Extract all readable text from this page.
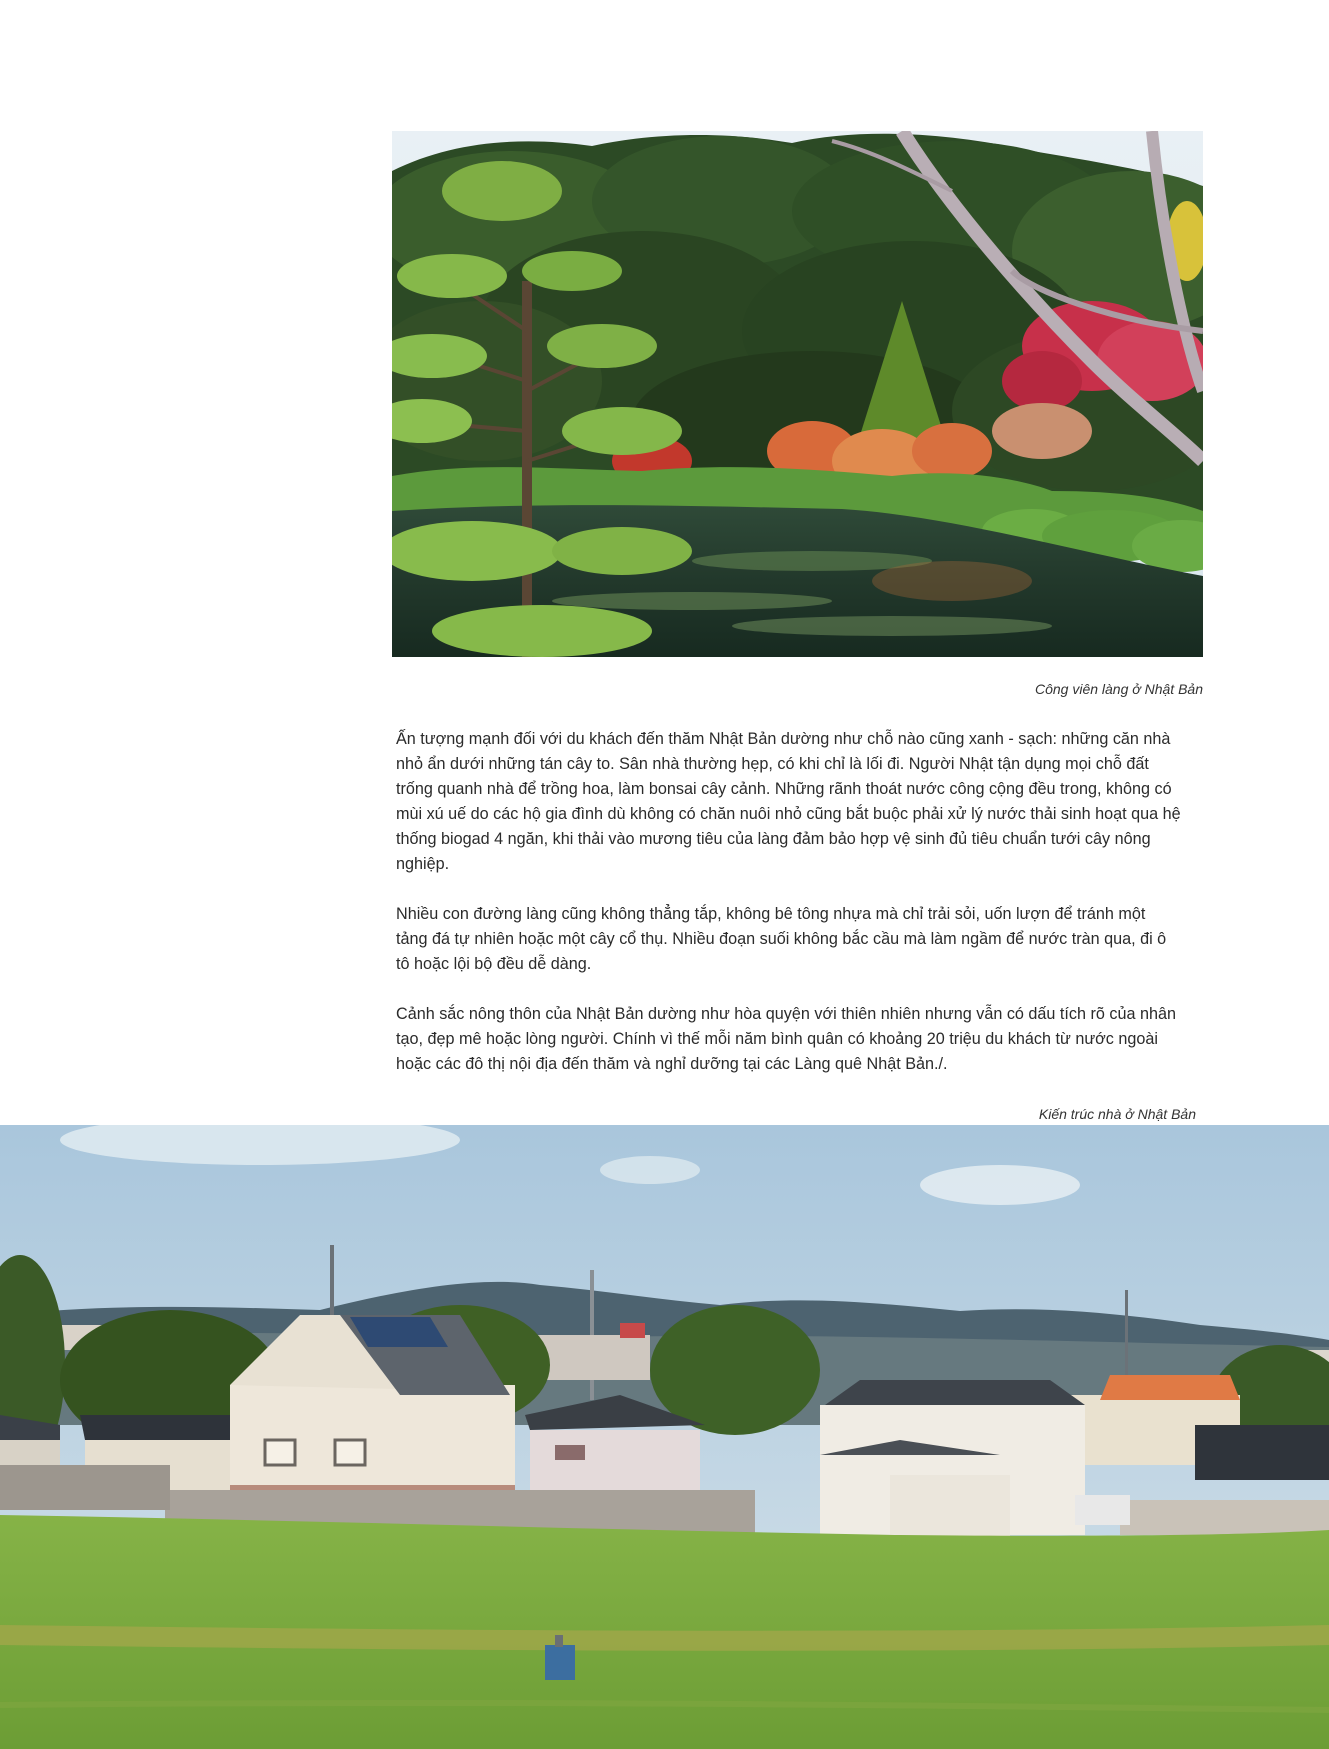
Công viên làng ở Nhật Bản

Ấn tượng mạnh đối với du khách đến thăm Nhật Bản dường như chỗ nào cũng xanh - sạch: những căn nhà nhỏ ẩn dưới những tán cây to. Sân nhà thường hẹp, có khi chỉ là lối đi. Người Nhật tận dụng mọi chỗ đất trống quanh nhà để trồng hoa, làm bonsai cây cảnh. Những rãnh thoát nước công cộng đều trong, không có mùi xú uế do các hộ gia đình dù không có chăn nuôi nhỏ cũng bắt buộc phải xử lý nước thải sinh hoạt qua hệ thống biogad 4 ngăn, khi thải vào mương tiêu của làng đảm bảo hợp vệ sinh đủ tiêu chuẩn tưới cây nông nghiệp.

Nhiều con đường làng cũng không thẳng tắp, không bê tông nhựa mà chỉ trải sỏi, uốn lượn để tránh một tảng đá tự nhiên hoặc một cây cổ thụ. Nhiều đoạn suối không bắc cầu mà làm ngầm để nước tràn qua, đi ô tô hoặc lội bộ đều dễ dàng.

Cảnh sắc nông thôn của Nhật Bản dường như hòa quyện với thiên nhiên nhưng vẫn có dấu tích rõ của nhân tạo, đẹp mê hoặc lòng người. Chính vì thế mỗi năm bình quân có khoảng 20 triệu du khách từ nước ngoài hoặc các đô thị nội địa đến thăm và nghỉ dưỡng tại các Làng quê Nhật Bản./.

Kiến trúc nhà ở Nhật Bản
